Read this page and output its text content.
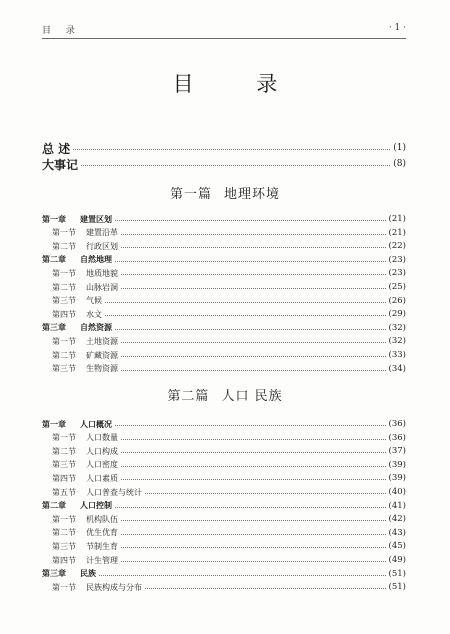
目 录	· 1 ·
目 录
总 述	(1)
大事记	(8)
第一篇 地理环境
第一章	建置区划	(21)
第一节	建置沿革	(21)
第二节	行政区划	(22)
第二章	自然地理	(23)
第一节	地质地貌	(23)
第二节	山脉岩洞	(25)
第三节	气候	(26)
第四节	水文	(29)
第三章	自然资源	(32)
第一节	土地资源	(32)
第二节	矿藏资源	(33)
第三节	生物资源	(34)
第二篇 人口 民族
第一章	人口概况	(36)
第一节	人口数量	(36)
第二节	人口构成	(37)
第三节	人口密度	(39)
第四节	人口素质	(39)
第五节	人口普查与统计	(40)
第二章	人口控制	(41)
第一节	机构队伍	(42)
第二节	优生优育	(43)
第三节	节制生育	(45)
第四节	计生管理	(49)
第三章	民族	(51)
第一节	民族构成与分布	(51)
